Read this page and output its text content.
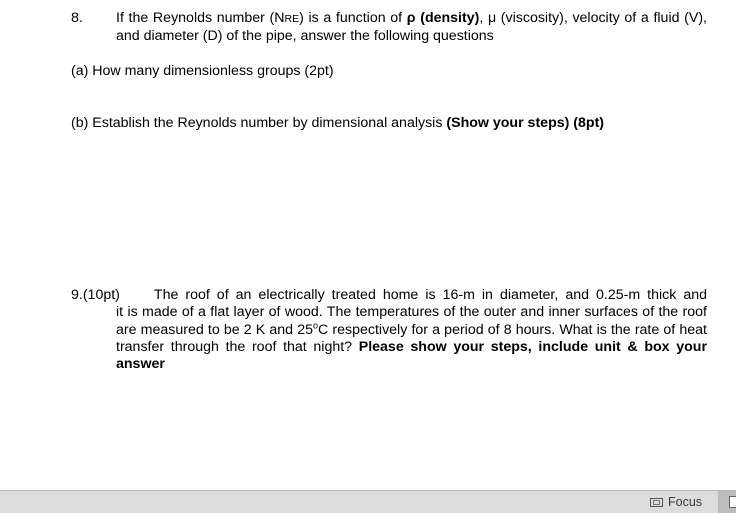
8. If the Reynolds number (NRE) is a function of ρ (density), μ (viscosity), velocity of a fluid (V), and diameter (D) of the pipe, answer the following questions
(a) How many dimensionless groups (2pt)
(b) Establish the Reynolds number by dimensional analysis (Show your steps) (8pt)
9.(10pt) The roof of an electrically treated home is 16-m in diameter, and 0.25-m thick and
it is made of a flat layer of wood. The temperatures of the outer and inner surfaces of the roof are measured to be 2 K and 25$^o$C respectively for a period of 8 hours. What is the rate of heat transfer through the roof that night? Please show your steps, include unit & box your answer
Focus
